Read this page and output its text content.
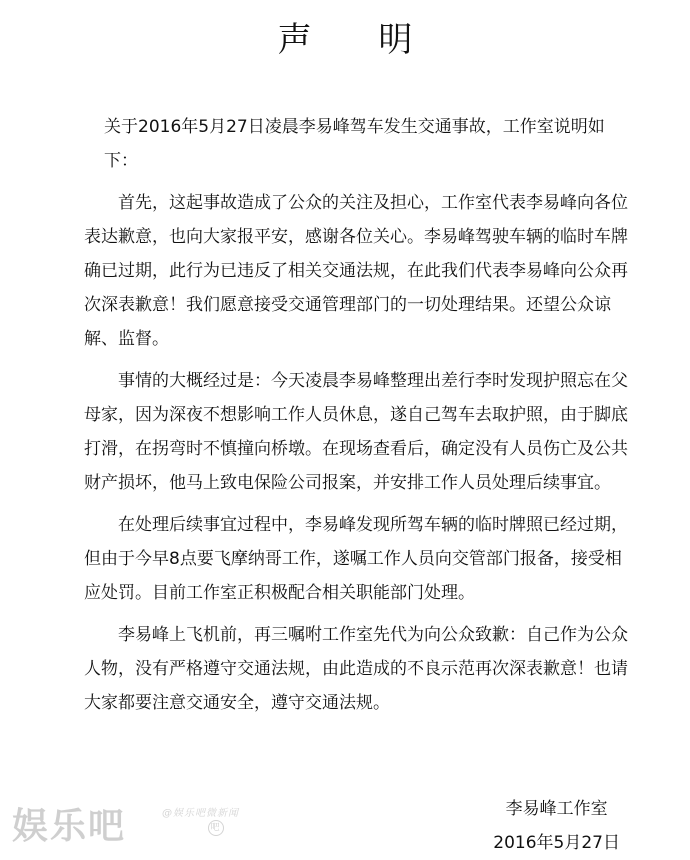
声 明

关于2016年5月27日凌晨李易峰驾车发生交通事故，工作室说明如下：

首先，这起事故造成了公众的关注及担心，工作室代表李易峰向各位表达歉意，也向大家报平安，感谢各位关心。李易峰驾驶车辆的临时车牌确已过期，此行为已违反了相关交通法规，在此我们代表李易峰向公众再次深表歉意！我们愿意接受交通管理部门的一切处理结果。还望公众谅解、监督。

事情的大概经过是：今天凌晨李易峰整理出差行李时发现护照忘在父母家，因为深夜不想影响工作人员休息，遂自己驾车去取护照，由于脚底打滑，在拐弯时不慎撞向桥墩。在现场查看后，确定没有人员伤亡及公共财产损坏，他马上致电保险公司报案，并安排工作人员处理后续事宜。

在处理后续事宜过程中，李易峰发现所驾车辆的临时牌照已经过期，但由于今早8点要飞摩纳哥工作，遂嘱工作人员向交管部门报备，接受相应处罚。目前工作室正积极配合相关职能部门处理。

李易峰上飞机前，再三嘱咐工作室先代为向公众致歉：自己作为公众人物，没有严格遵守交通法规，由此造成的不良示范再次深表歉意！也请大家都要注意交通安全，遵守交通法规。

李易峰工作室
2016年5月27日
娱乐吧	@娱乐吧微新闻
吧
